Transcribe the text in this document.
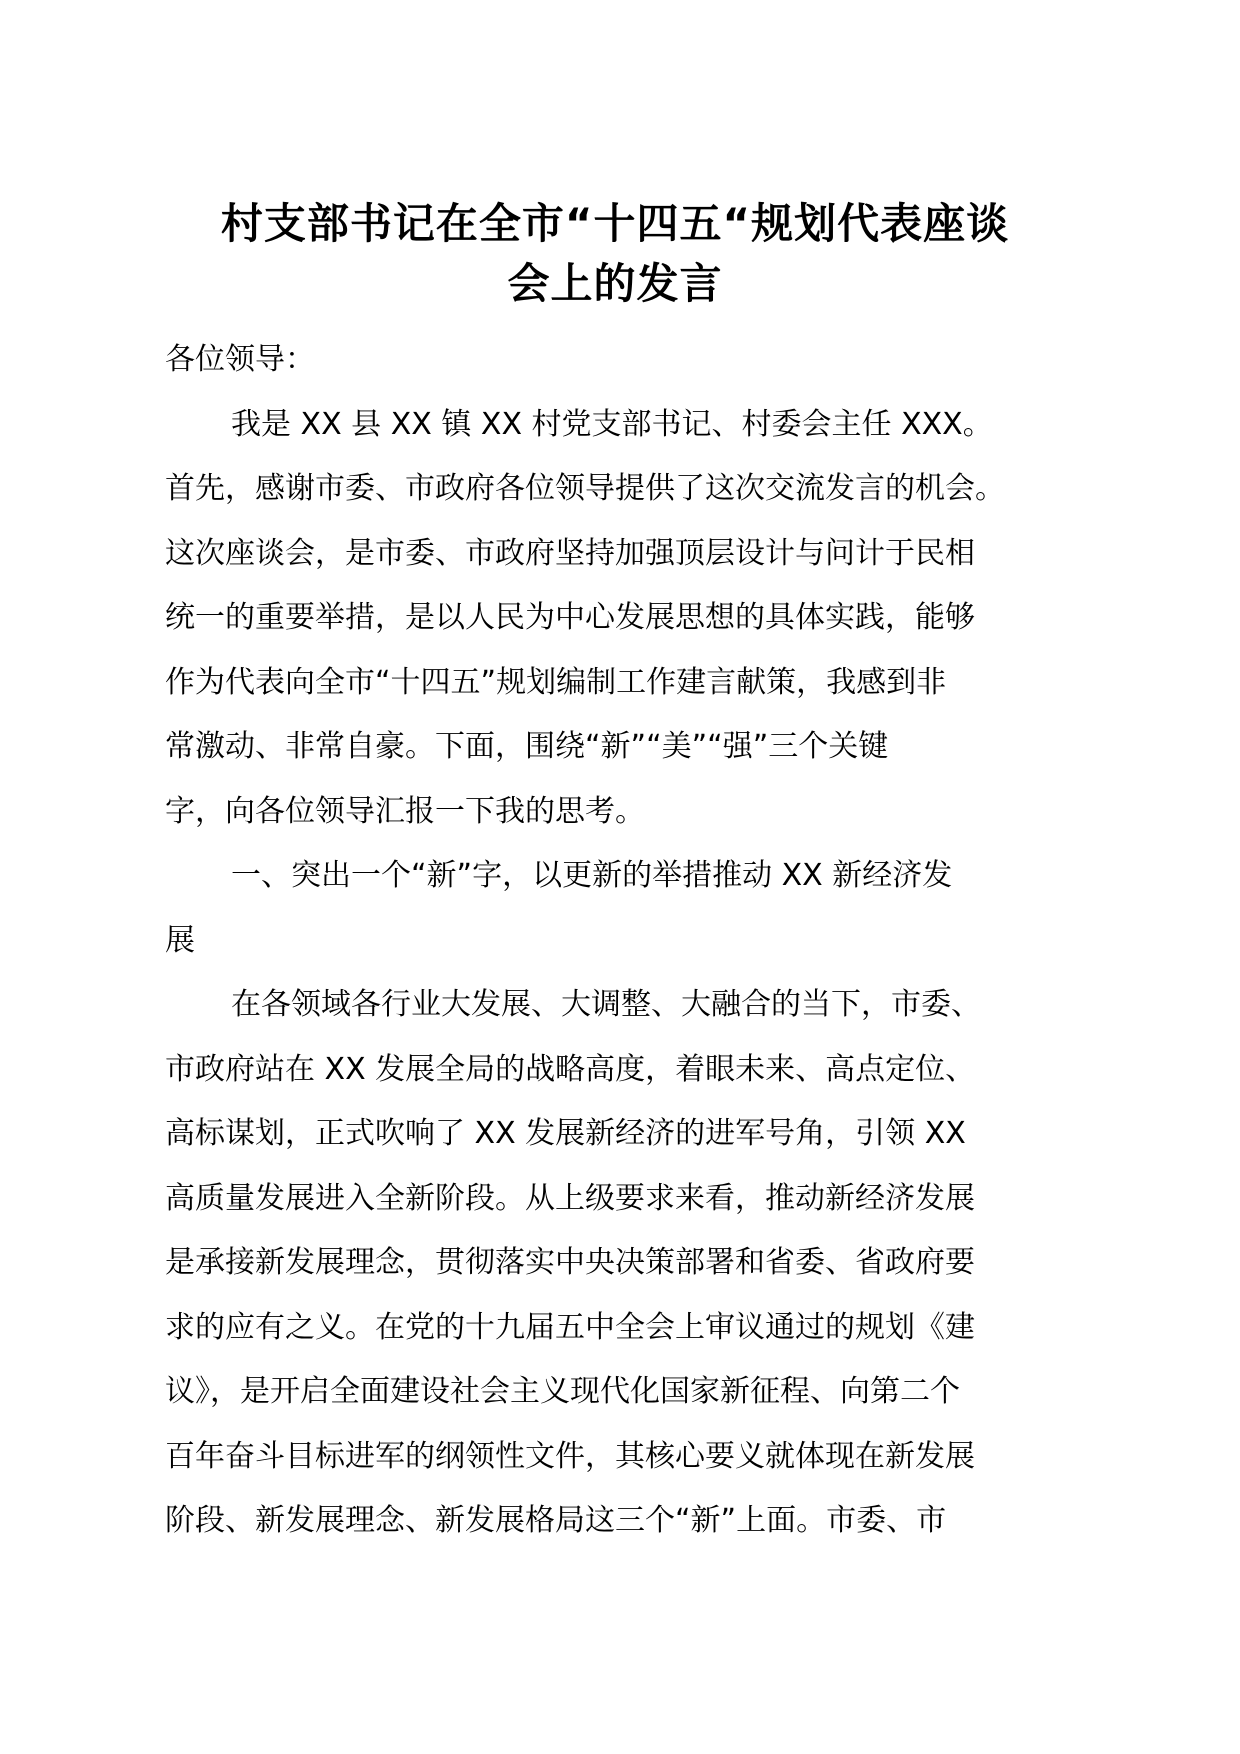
村支部书记在全市“十四五“规划代表座谈
会上的发言
各位领导：
我是 XX 县 XX 镇 XX 村党支部书记、村委会主任 XXX。
首先，感谢市委、市政府各位领导提供了这次交流发言的机会。
这次座谈会，是市委、市政府坚持加强顶层设计与问计于民相
统一的重要举措，是以人民为中心发展思想的具体实践，能够
作为代表向全市“十四五”规划编制工作建言献策，我感到非
常激动、非常自豪。下面，围绕“新”“美”“强”三个关键
字，向各位领导汇报一下我的思考。
一、突出一个“新”字，以更新的举措推动 XX 新经济发
展
在各领域各行业大发展、大调整、大融合的当下，市委、
市政府站在 XX 发展全局的战略高度，着眼未来、高点定位、
高标谋划，正式吹响了 XX 发展新经济的进军号角，引领 XX
高质量发展进入全新阶段。从上级要求来看，推动新经济发展
是承接新发展理念，贯彻落实中央决策部署和省委、省政府要
求的应有之义。在党的十九届五中全会上审议通过的规划《建
议》，是开启全面建设社会主义现代化国家新征程、向第二个
百年奋斗目标进军的纲领性文件，其核心要义就体现在新发展
阶段、新发展理念、新发展格局这三个“新”上面。市委、市
